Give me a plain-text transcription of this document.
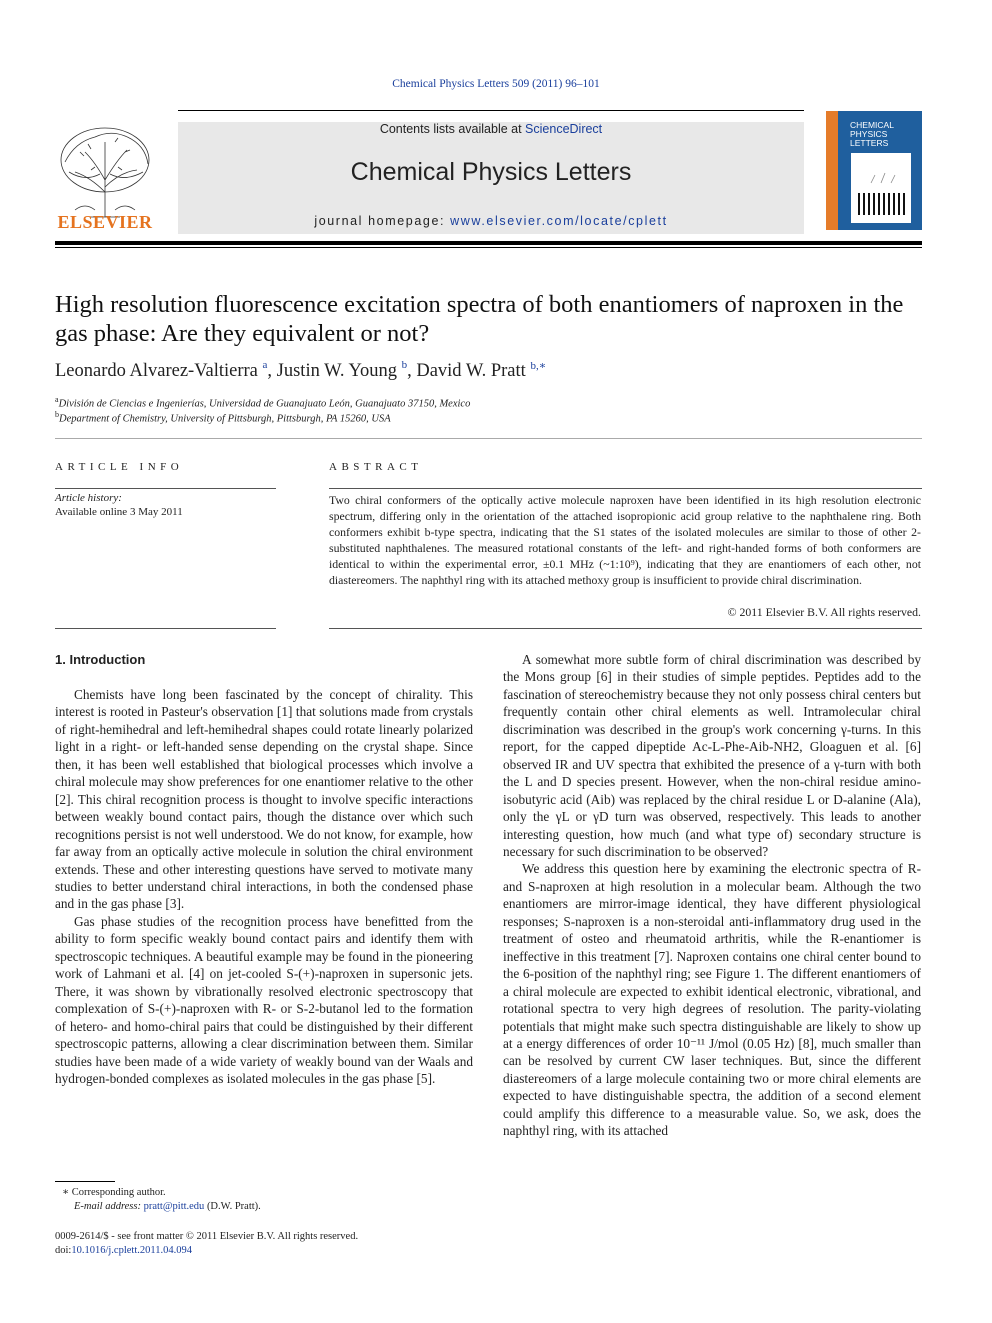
Chemical Physics Letters 509 (2011) 96–101
ELSEVIER
Contents lists available at ScienceDirect
Chemical Physics Letters
journal homepage: www.elsevier.com/locate/cplett
CHEMICAL
PHYSICS
LETTERS
High resolution fluorescence excitation spectra of both enantiomers of naproxen in the gas phase: Are they equivalent or not?
Leonardo Alvarez-Valtierra $^a$, Justin W. Young $^b$, David W. Pratt $^{b,∗}$
$^a$División de Ciencias e Ingenierías, Universidad de Guanajuato León, Guanajuato 37150, Mexico
$^b$Department of Chemistry, University of Pittsburgh, Pittsburgh, PA 15260, USA
ARTICLE INFO
Article history:
Available online 3 May 2011
ABSTRACT
Two chiral conformers of the optically active molecule naproxen have been identified in its high resolution electronic spectrum, differing only in the orientation of the attached isopropionic acid group relative to the naphthalene ring. Both conformers exhibit b-type spectra, indicating that the S1 states of the isolated molecules are similar to those of other 2-substituted naphthalenes. The measured rotational constants of the left- and right-handed forms of both conformers are identical to within the experimental error, ±0.1 MHz (~1:10⁹), indicating that they are enantiomers of each other, not diastereomers. The naphthyl ring with its attached methoxy group is insufficient to provide chiral discrimination.
© 2011 Elsevier B.V. All rights reserved.
1. Introduction

Chemists have long been fascinated by the concept of chirality. This interest is rooted in Pasteur's observation [1] that solutions made from crystals of right-hemihedral and left-hemihedral shapes could rotate linearly polarized light in a right- or left-handed sense depending on the crystal shape. Since then, it has been well established that biological processes which involve a chiral molecule may show preferences for one enantiomer relative to the other [2]. This chiral recognition process is thought to involve specific interactions between weakly bound contact pairs, though the distance over which such recognitions persist is not well understood. We do not know, for example, how far away from an optically active molecule in solution the chiral environment extends. These and other interesting questions have served to motivate many studies to better understand chiral interactions, in both the condensed phase and in the gas phase [3].

Gas phase studies of the recognition process have benefitted from the ability to form specific weakly bound contact pairs and identify them with spectroscopic techniques. A beautiful example may be found in the pioneering work of Lahmani et al. [4] on jet-cooled S-(+)-naproxen in supersonic jets. There, it was shown by vibrationally resolved electronic spectroscopy that complexation of S-(+)-naproxen with R- or S-2-butanol led to the formation of hetero- and homo-chiral pairs that could be distinguished by their different spectroscopic patterns, allowing a clear discrimination between them. Similar studies have been made of a wide variety of weakly bound van der Waals and hydrogen-bonded complexes as isolated molecules in the gas phase [5].

A somewhat more subtle form of chiral discrimination was described by the Mons group [6] in their studies of simple peptides. Peptides add to the fascination of stereochemistry because they not only possess chiral centers but frequently contain other chiral elements as well. Intramolecular chiral discrimination was described in the group's work concerning γ-turns. In this report, for the capped dipeptide Ac-L-Phe-Aib-NH2, Gloaguen et al. [6] observed IR and UV spectra that exhibited the presence of a γ-turn with both the L and D species present. However, when the non-chiral residue amino-isobutyric acid (Aib) was replaced by the chiral residue L or D-alanine (Ala), only the γL or γD turn was observed, respectively. This leads to another interesting question, how much (and what type of) secondary structure is necessary for such discrimination to be observed?

We address this question here by examining the electronic spectra of R- and S-naproxen at high resolution in a molecular beam. Although the two enantiomers are mirror-image identical, they have different physiological responses; S-naproxen is a non-steroidal anti-inflammatory drug used in the treatment of osteo and rheumatoid arthritis, while the R-enantiomer is ineffective in this treatment [7]. Naproxen contains one chiral center bound to the 6-position of the naphthyl ring; see Figure 1. The different enantiomers of a chiral molecule are expected to exhibit identical electronic, vibrational, and rotational spectra to very high degrees of resolution. The parity-violating potentials that might make such spectra distinguishable are likely to show up at a energy differences of order 10⁻¹¹ J/mol (0.05 Hz) [8], much smaller than can be resolved by current CW laser techniques. But, since the different diastereomers of a large molecule containing two or more chiral elements are expected to have distinguishable spectra, the addition of a second element could amplify this difference to a measurable value. So, we ask, does the naphthyl ring, with its attached

∗ Corresponding author.
E-mail address: pratt@pitt.edu (D.W. Pratt).
0009-2614/$ - see front matter © 2011 Elsevier B.V. All rights reserved.
doi:10.1016/j.cplett.2011.04.094
